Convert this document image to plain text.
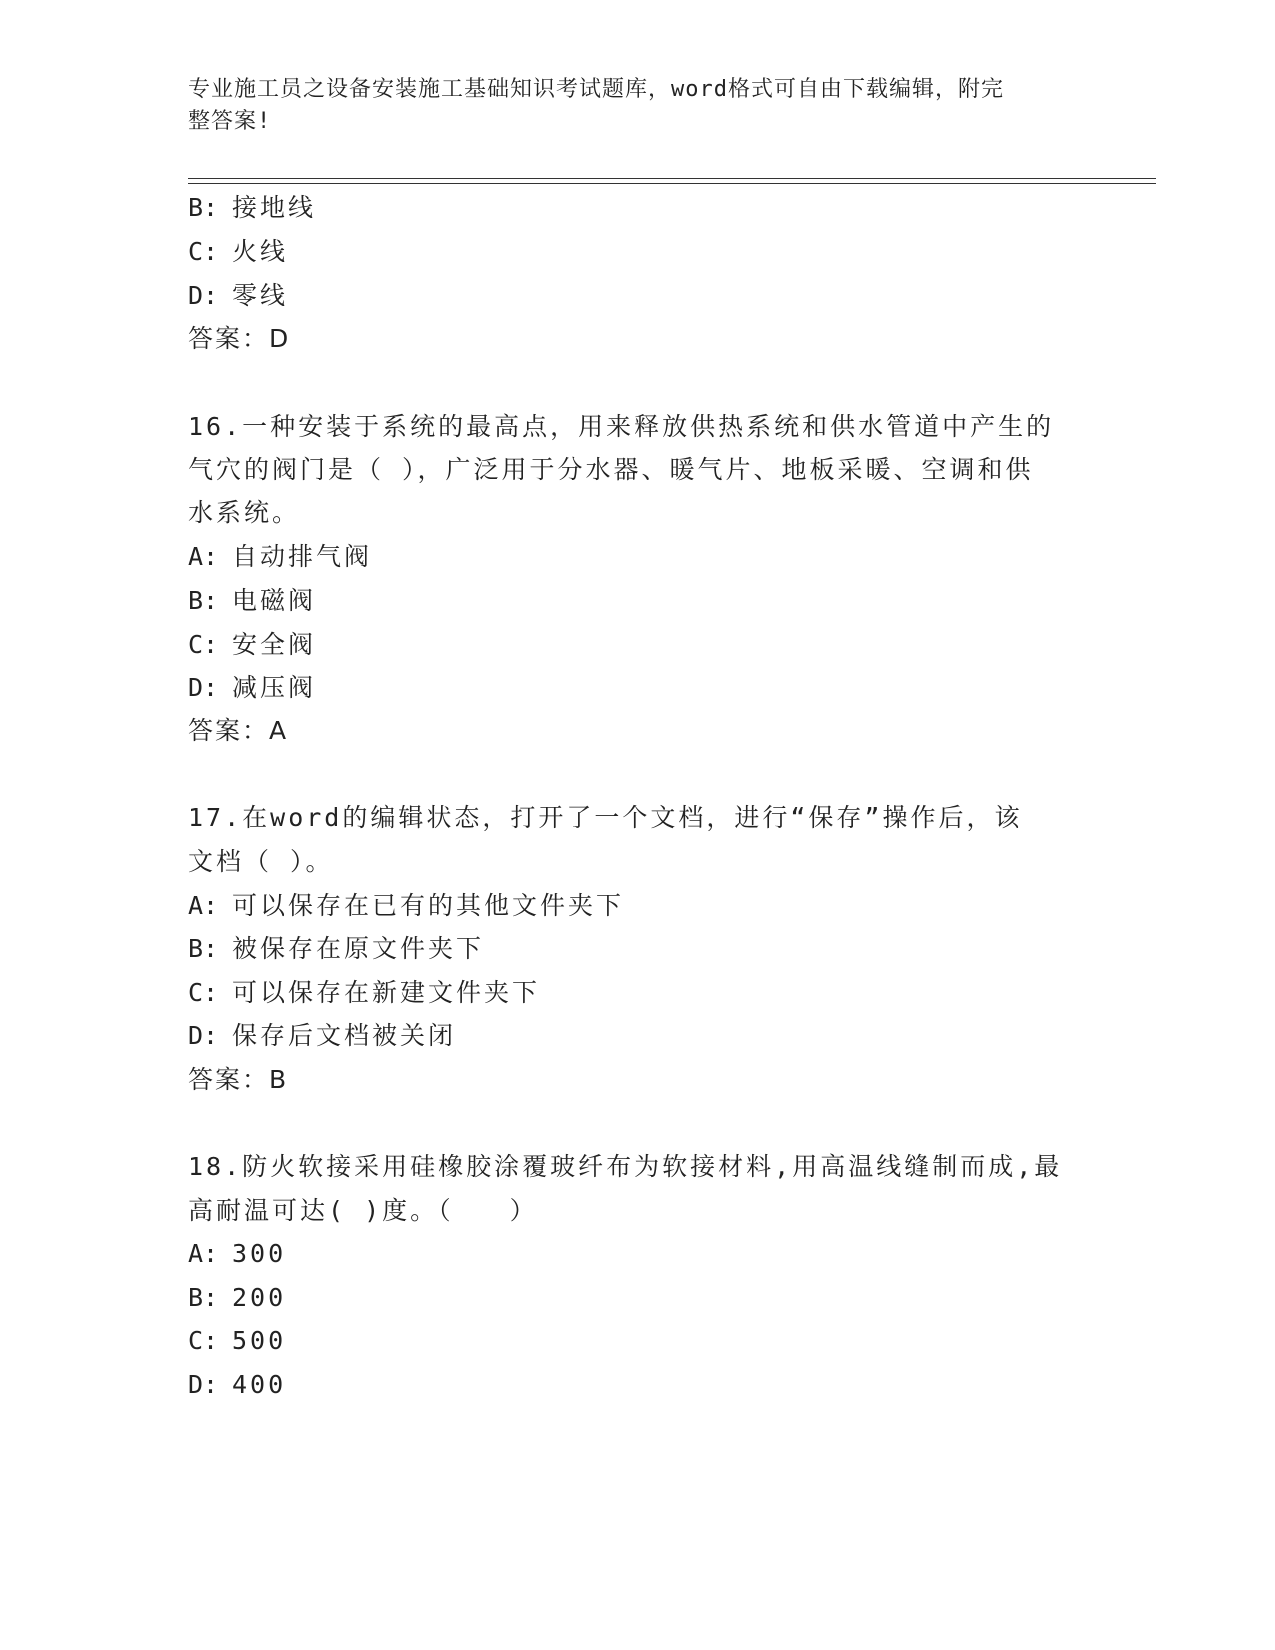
专业施工员之设备安装施工基础知识考试题库，word格式可自由下载编辑，附完
整答案!
B: 接地线
C: 火线
D: 零线
答案：D
16.一种安装于系统的最高点，用来释放供热系统和供水管道中产生的
气穴的阀门是（ ），广泛用于分水器、暖气片、地板采暖、空调和供
水系统。
A: 自动排气阀
B: 电磁阀
C: 安全阀
D: 减压阀
答案：A
17.在word的编辑状态，打开了一个文档，进行“保存”操作后，该
文档（ ）。
A: 可以保存在已有的其他文件夹下
B: 被保存在原文件夹下
C: 可以保存在新建文件夹下
D: 保存后文档被关闭
答案：B
18.防火软接采用硅橡胶涂覆玻纤布为软接材料,用高温线缝制而成,最
高耐温可达( )度。（　　）
A: 300
B: 200
C: 500
D: 400
